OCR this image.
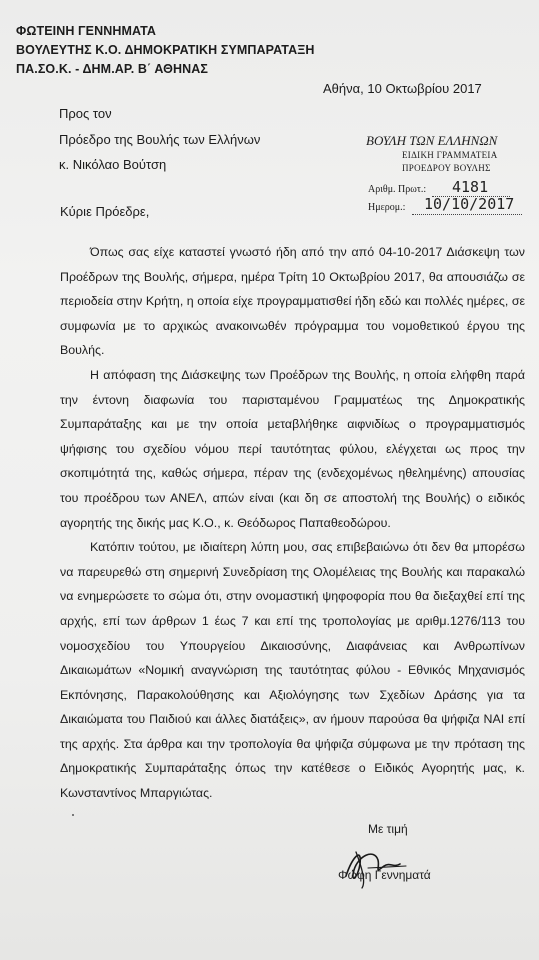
ΦΩΤΕΙΝΗ ΓΕΝΝΗΜΑΤΑ
ΒΟΥΛΕΥΤΗΣ Κ.Ο. ΔΗΜΟΚΡΑΤΙΚΗ ΣΥΜΠΑΡΑΤΑΞΗ
ΠΑ.ΣΟ.Κ. - ΔΗΜ.ΑΡ. Β΄ ΑΘΗΝΑΣ
Αθήνα, 10 Οκτωβρίου 2017
Προς τον
Πρόεδρο της Βουλής των Ελλήνων
κ. Νικόλαο Βούτση
ΒΟΥΛΗ ΤΩΝ ΕΛΛΗΝΩΝ
ΕΙΔΙΚΗ ΓΡΑΜΜΑΤΕΙΑ
ΠΡΟΕΔΡΟΥ ΒΟΥΛΗΣ
Αριθμ. Πρωτ.: 4181
Ημερομ.: 10/10/2017
Κύριε Πρόεδρε,

Όπως σας είχε καταστεί γνωστό ήδη από την από 04-10-2017 Διάσκεψη των Προέδρων της Βουλής, σήμερα, ημέρα Τρίτη 10 Οκτωβρίου 2017, θα απουσιάζω σε περιοδεία στην Κρήτη, η οποία είχε προγραμματισθεί ήδη εδώ και πολλές ημέρες, σε συμφωνία με το αρχικώς ανακοινωθέν πρόγραμμα του νομοθετικού έργου της Βουλής.

Η απόφαση της Διάσκεψης των Προέδρων της Βουλής, η οποία ελήφθη παρά την έντονη διαφωνία του παρισταμένου Γραμματέως της Δημοκρατικής Συμπαράταξης και με την οποία μεταβλήθηκε αιφνιδίως ο προγραμματισμός ψήφισης του σχεδίου νόμου περί ταυτότητας φύλου, ελέγχεται ως προς την σκοπιμότητά της, καθώς σήμερα, πέραν της (ενδεχομένως ηθελημένης) απουσίας του προέδρου των ΑΝΕΛ, απών είναι (και δη σε αποστολή της Βουλής) ο ειδικός αγορητής της δικής μας Κ.Ο., κ. Θεόδωρος Παπαθεοδώρου.

Κατόπιν τούτου, με ιδιαίτερη λύπη μου, σας επιβεβαιώνω ότι δεν θα μπορέσω να παρευρεθώ στη σημερινή Συνεδρίαση της Ολομέλειας της Βουλής και παρακαλώ να ενημερώσετε το σώμα ότι, στην ονομαστική ψηφοφορία που θα διεξαχθεί επί της αρχής, επί των άρθρων 1 έως 7 και επί της τροπολογίας με αριθμ.1276/113 του νομοσχεδίου του Υπουργείου Δικαιοσύνης, Διαφάνειας και Ανθρωπίνων Δικαιωμάτων «Νομική αναγνώριση της ταυτότητας φύλου - Εθνικός Μηχανισμός Εκπόνησης, Παρακολούθησης και Αξιολόγησης των Σχεδίων Δράσης για τα Δικαιώματα του Παιδιού και άλλες διατάξεις», αν ήμουν παρούσα θα ψήφιζα ΝΑΙ επί της αρχής. Στα άρθρα και την τροπολογία θα ψήφιζα σύμφωνα με την πρόταση της Δημοκρατικής Συμπαράταξης όπως την κατέθεσε ο Ειδικός Αγορητής μας, κ. Κωνσταντίνος Μπαργιώτας.

Με τιμή
Φώφη Γεννηματά
